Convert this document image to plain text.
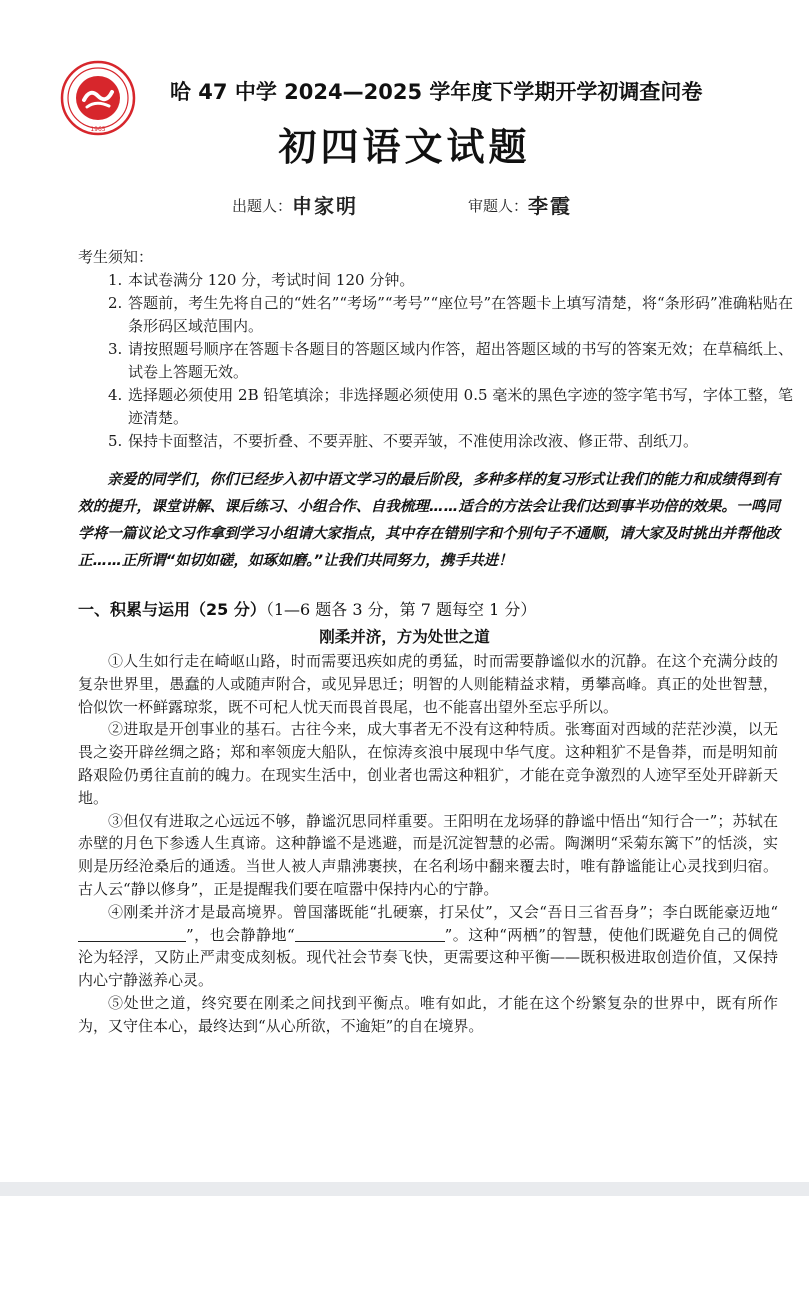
1965
哈 47 中学 2024—2025 学年度下学期开学初调查问卷
初四语文试题
出题人：申家明	审题人：李霞

考生须知：

1. 本试卷满分 120 分，考试时间 120 分钟。
2. 答题前，考生先将自己的“姓名”“考场”“考号”“座位号”在答题卡上填写清楚，将“条形码”准确粘贴在条形码区域范围内。
3. 请按照题号顺序在答题卡各题目的答题区域内作答，超出答题区域的书写的答案无效；在草稿纸上、试卷上答题无效。
4. 选择题必须使用 2B 铅笔填涂；非选择题必须使用 0.5 毫米的黑色字迹的签字笔书写，字体工整，笔迹清楚。
5. 保持卡面整洁，不要折叠、不要弄脏、不要弄皱，不准使用涂改液、修正带、刮纸刀。
亲爱的同学们，你们已经步入初中语文学习的最后阶段，多种多样的复习形式让我们的能力和成绩得到有效的提升，课堂讲解、课后练习、小组合作、自我梳理……适合的方法会让我们达到事半功倍的效果。一鸣同学将一篇议论文习作拿到学习小组请大家指点，其中存在错别字和个别句子不通顺，请大家及时挑出并帮他改正……正所谓“如切如磋，如琢如磨。”让我们共同努力，携手共进！
一、积累与运用（25 分）（1—6 题各 3 分，第 7 题每空 1 分）
刚柔并济，方为处世之道

①人生如行走在崎岖山路，时而需要迅疾如虎的勇猛，时而需要静谧似水的沉静。在这个充满分歧的复杂世界里，愚蠢的人或随声附合，或见异思迁；明智的人则能精益求精，勇攀高峰。真正的处世智慧，恰似饮一杯鲜露琼浆，既不可杞人忧天而畏首畏尾，也不能喜出望外至忘乎所以。

②进取是开创事业的基石。古往今来，成大事者无不没有这种特质。张骞面对西域的茫茫沙漠，以无畏之姿开辟丝绸之路；郑和率领庞大船队，在惊涛亥浪中展现中华气度。这种粗犷不是鲁莽，而是明知前路艰险仍勇往直前的魄力。在现实生活中，创业者也需这种粗犷，才能在竞争激烈的人迹罕至处开辟新天地。

③但仅有进取之心远远不够，静谧沉思同样重要。王阳明在龙场驿的静谧中悟出“知行合一”；苏轼在赤壁的月色下参透人生真谛。这种静谧不是逃避，而是沉淀智慧的必需。陶渊明“采菊东篱下”的恬淡，实则是历经沧桑后的通透。当世人被人声鼎沸裹挟，在名利场中翻来覆去时，唯有静谧能让心灵找到归宿。古人云“静以修身”，正是提醒我们要在喧嚣中保持内心的宁静。

④刚柔并济才是最高境界。曾国藩既能“扎硬寨，打呆仗”，又会“吾日三省吾身”；李白既能豪迈地“”，也会静静地“	”。这种“两栖”的智慧，使他们既避免自己的倜傥沦为轻浮，又防止严肃变成刻板。现代社会节奏飞快，更需要这种平衡——既积极进取创造价值，又保持内心宁静滋养心灵。

⑤处世之道，终究要在刚柔之间找到平衡点。唯有如此，才能在这个纷繁复杂的世界中，既有所作为，又守住本心，最终达到“从心所欲，不逾矩”的自在境界。
